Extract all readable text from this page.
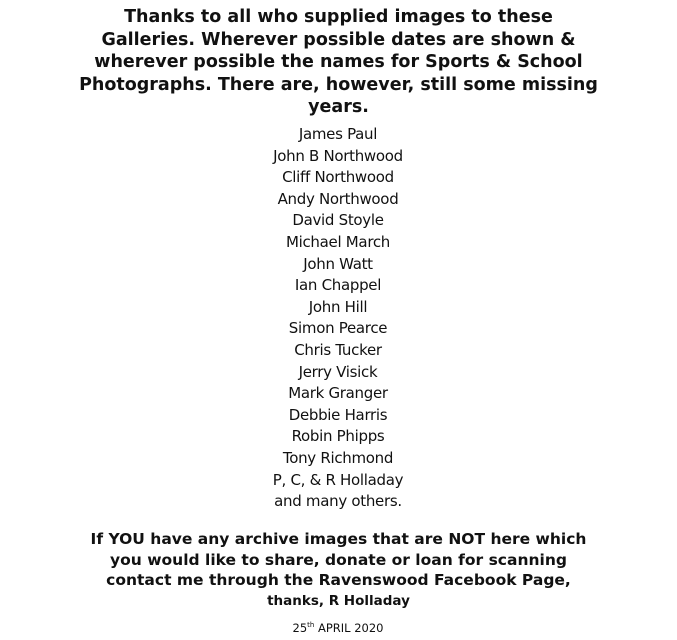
Thanks to all who supplied images to these
Galleries. Wherever possible dates are shown &
wherever possible the names for Sports & School
Photographs. There are, however, still some missing
years.
James Paul
John B Northwood
Cliff Northwood
Andy Northwood
David Stoyle
Michael March
John Watt
Ian Chappel
John Hill
Simon Pearce
Chris Tucker
Jerry Visick
Mark Granger
Debbie Harris
Robin Phipps
Tony Richmond
P, C, & R Holladay
and many others.
If YOU have any archive images that are NOT here which
you would like to share, donate or loan for scanning
contact me through the Ravenswood Facebook Page,
thanks, R Holladay
25th APRIL 2020
